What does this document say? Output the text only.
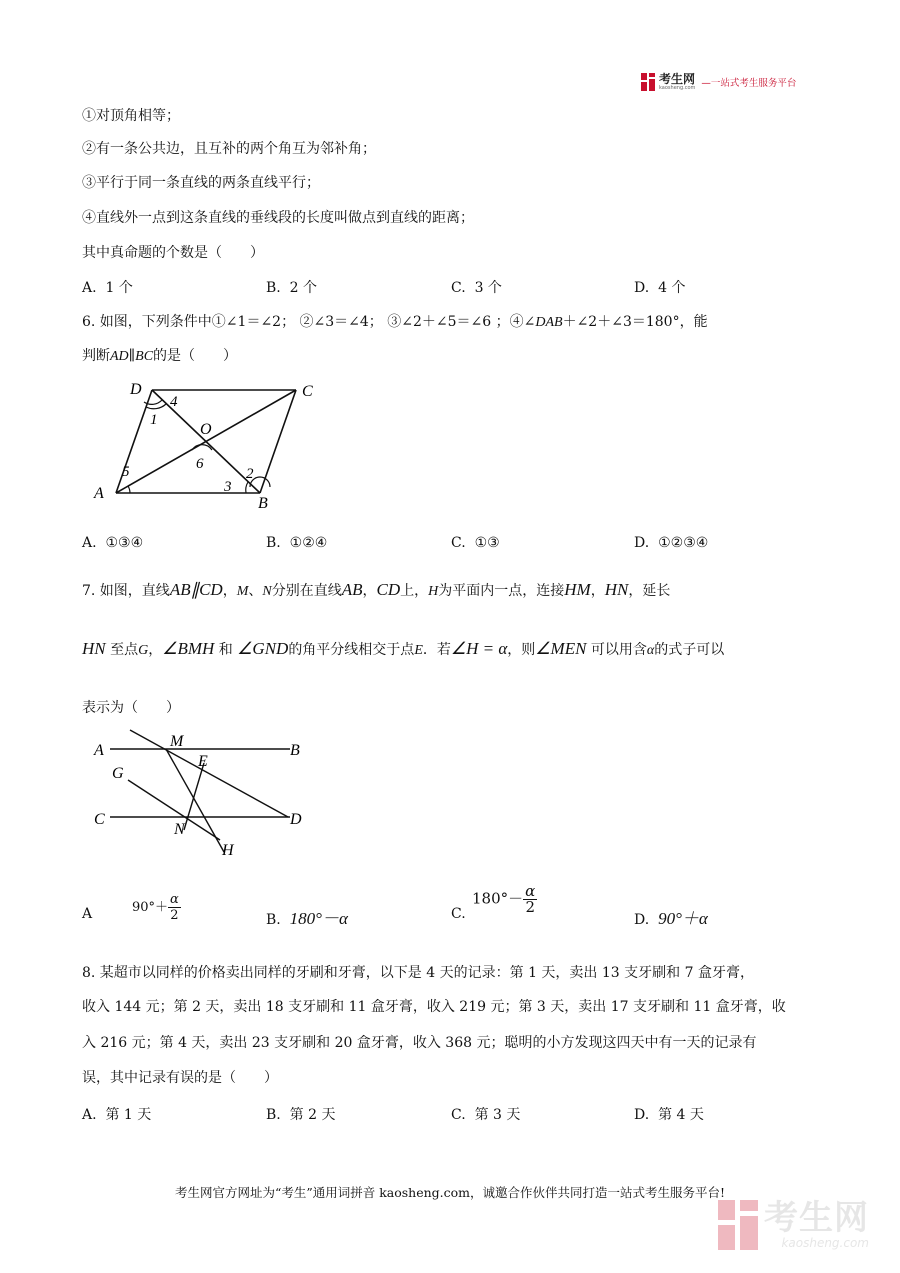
考生网
kaosheng.com —一站式考生服务平台
①对顶角相等；
②有一条公共边，且互补的两个角互为邻补角；
③平行于同一条直线的两条直线平行；
④直线外一点到这条直线的垂线段的长度叫做点到直线的距离；
其中真命题的个数是（　　）
A. 1 个	B. 2 个	C. 3 个	D. 4 个
6. 如图，下列条件中①∠1＝∠2； ②∠3＝∠4； ③∠2＋∠5＝∠6 ；④∠DAB＋∠2＋∠3＝180°，能
判断AD∥BC的是（　　）
D	C
O
A
B
1
4
6
5
3
2
A. ①③④	B. ①②④	C. ①③	D. ①②③④
7. 如图，直线AB∥CD，M、N分别在直线AB，CD上，H为平面内一点，连接HM，HN，延长
HN 至点G，∠BMH 和 ∠GND的角平分线相交于点E．若∠H = α，则∠MEN 可以用含α的式子可以
表示为（　　）
A
M
B
G
E
C
N
D
H
A	$90^\circ+ \frac{\alpha}{2}$	B. 180°－α	C.
$180^\circ- \frac{\alpha}{2}$
D. 90°＋α
8. 某超市以同样的价格卖出同样的牙刷和牙膏，以下是 4 天的记录：第 1 天，卖出 13 支牙刷和 7 盒牙膏，
收入 144 元；第 2 天，卖出 18 支牙刷和 11 盒牙膏，收入 219 元；第 3 天，卖出 17 支牙刷和 11 盒牙膏，收
入 216 元；第 4 天，卖出 23 支牙刷和 20 盒牙膏，收入 368 元；聪明的小方发现这四天中有一天的记录有
误，其中记录有误的是（　　）
A. 第 1 天	B. 第 2 天	C. 第 3 天	D. 第 4 天
考生网官方网址为“考生”通用词拼音 kaosheng.com，诚邀合作伙伴共同打造一站式考生服务平台!
考生网
kaosheng.com
